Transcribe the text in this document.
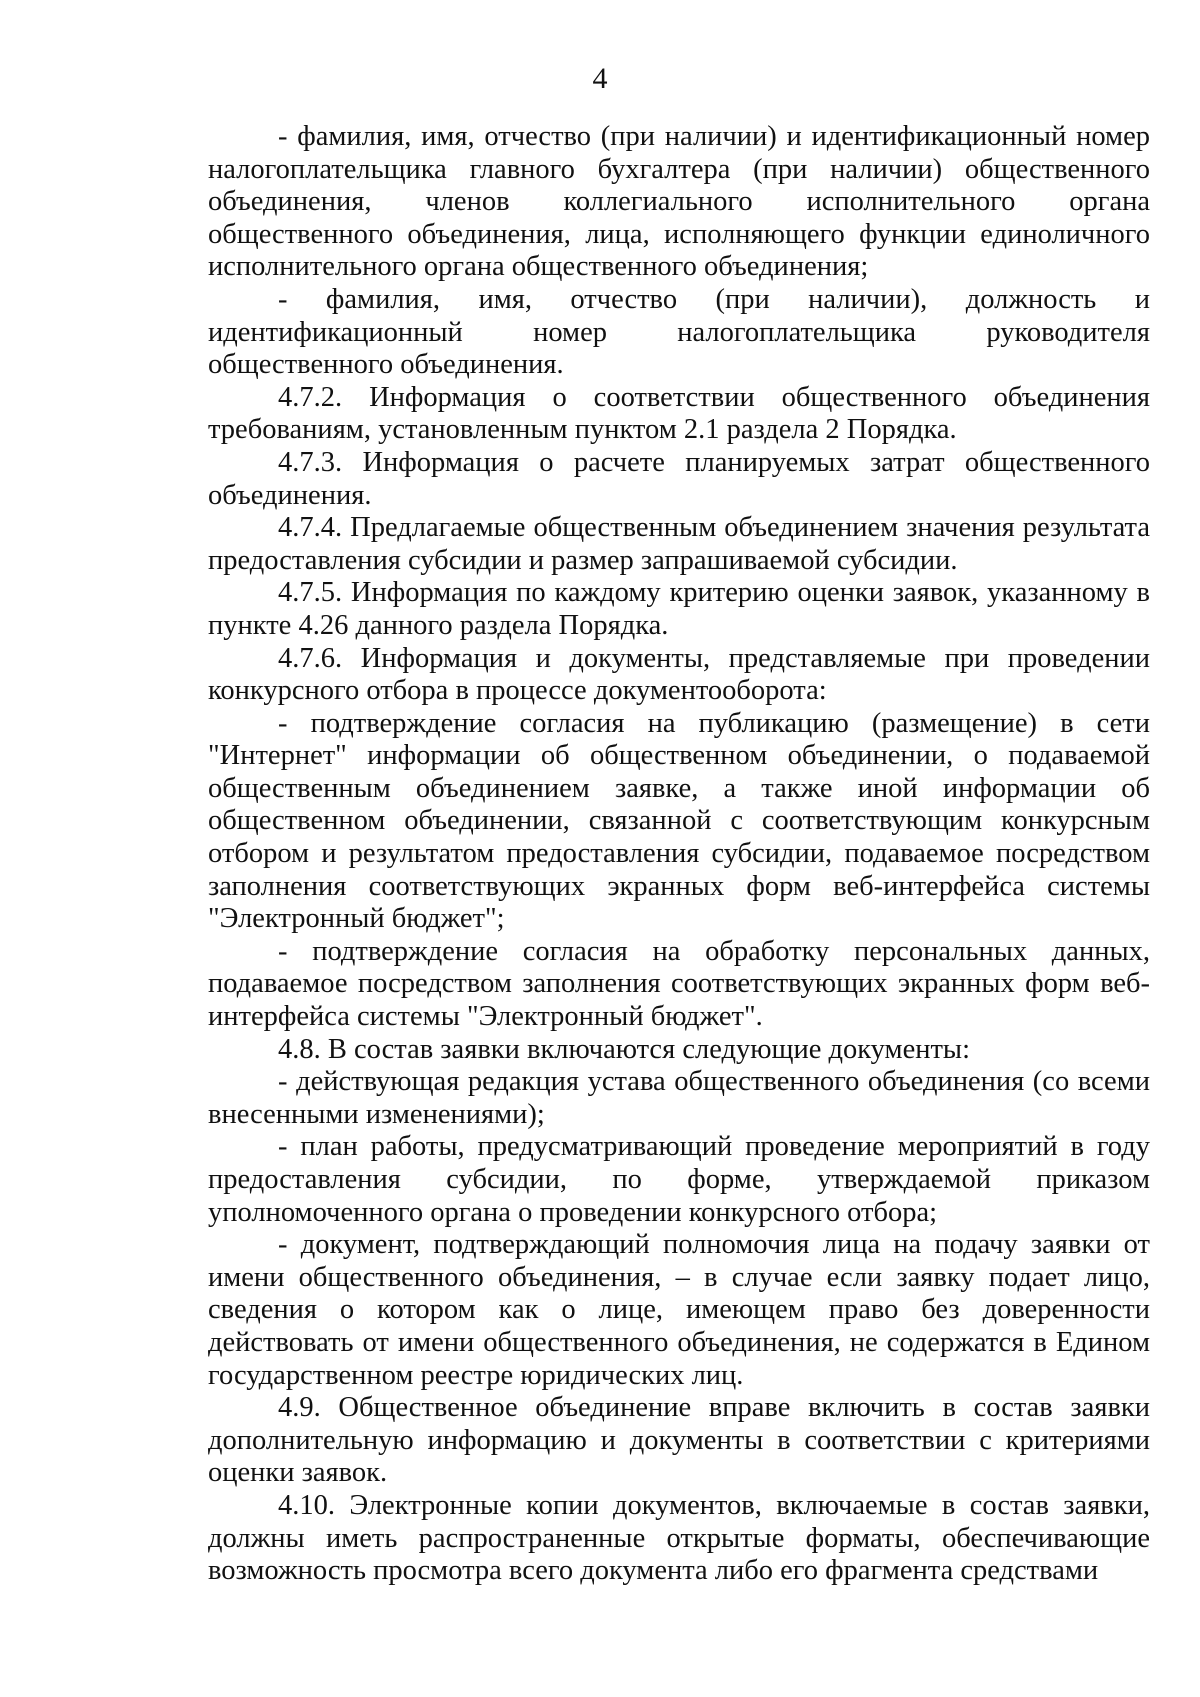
4

- фамилия, имя, отчество (при наличии) и идентификационный номер налогоплательщика главного бухгалтера (при наличии) общественного объединения, членов коллегиального исполнительного органа общественного объединения, лица, исполняющего функции единоличного исполнительного органа общественного объединения;

- фамилия, имя, отчество (при наличии), должность и идентификационный номер налогоплательщика руководителя общественного объединения.

4.7.2. Информация о соответствии общественного объединения требованиям, установленным пунктом 2.1 раздела 2 Порядка.

4.7.3. Информация о расчете планируемых затрат общественного объединения.

4.7.4. Предлагаемые общественным объединением значения результата предоставления субсидии и размер запрашиваемой субсидии.

4.7.5. Информация по каждому критерию оценки заявок, указанному в пункте 4.26 данного раздела Порядка.

4.7.6. Информация и документы, представляемые при проведении конкурсного отбора в процессе документооборота:

- подтверждение согласия на публикацию (размещение) в сети "Интернет" информации об общественном объединении, о подаваемой общественным объединением заявке, а также иной информации об общественном объединении, связанной с соответствующим конкурсным отбором и результатом предоставления субсидии, подаваемое посредством заполнения соответствующих экранных форм веб-интерфейса системы "Электронный бюджет";

- подтверждение согласия на обработку персональных данных, подаваемое посредством заполнения соответствующих экранных форм веб-интерфейса системы "Электронный бюджет".

4.8. В состав заявки включаются следующие документы:

- действующая редакция устава общественного объединения (со всеми внесенными изменениями);

- план работы, предусматривающий проведение мероприятий в году предоставления субсидии, по форме, утверждаемой приказом уполномоченного органа о проведении конкурсного отбора;

- документ, подтверждающий полномочия лица на подачу заявки от имени общественного объединения, – в случае если заявку подает лицо, сведения о котором как о лице, имеющем право без доверенности действовать от имени общественного объединения, не содержатся в Едином государственном реестре юридических лиц.

4.9. Общественное объединение вправе включить в состав заявки дополнительную информацию и документы в соответствии с критериями оценки заявок.

4.10. Электронные копии документов, включаемые в состав заявки, должны иметь распространенные открытые форматы, обеспечивающие возможность просмотра всего документа либо его фрагмента средствами
